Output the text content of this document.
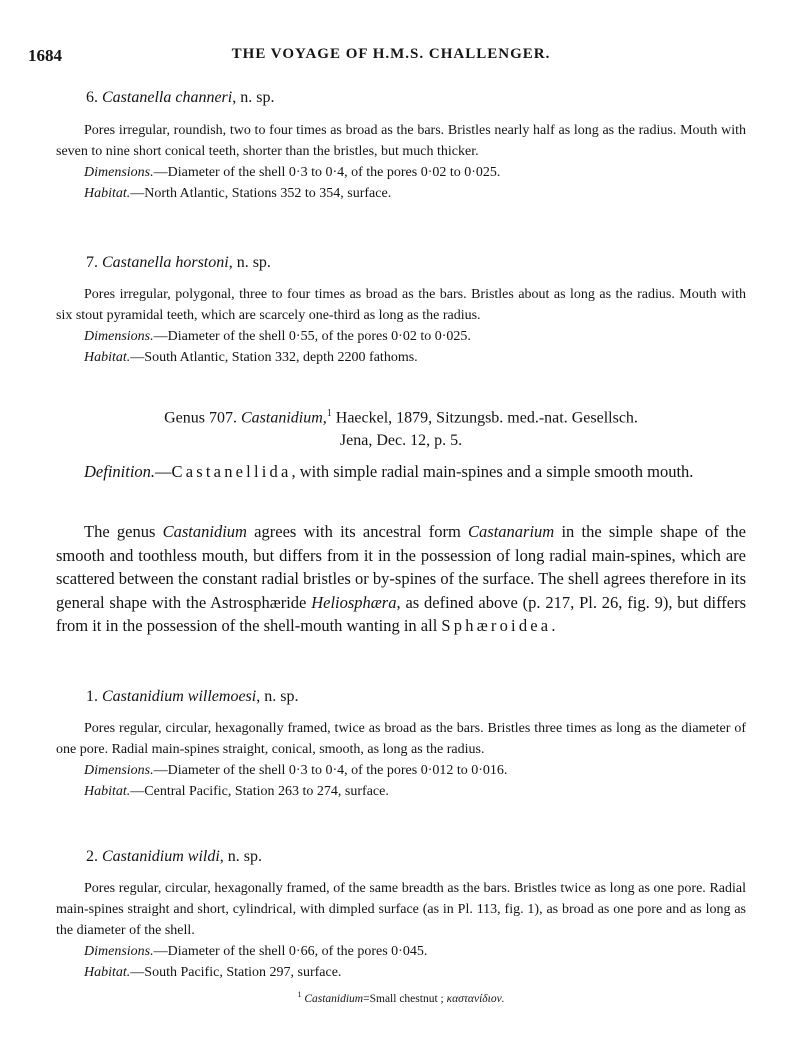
1684	THE VOYAGE OF H.M.S. CHALLENGER.
6. Castanella channeri, n. sp.

Pores irregular, roundish, two to four times as broad as the bars. Bristles nearly half as long as the radius. Mouth with seven to nine short conical teeth, shorter than the bristles, but much thicker.

Dimensions.—Diameter of the shell 0·3 to 0·4, of the pores 0·02 to 0·025.

Habitat.—North Atlantic, Stations 352 to 354, surface.

7. Castanella horstoni, n. sp.

Pores irregular, polygonal, three to four times as broad as the bars. Bristles about as long as the radius. Mouth with six stout pyramidal teeth, which are scarcely one-third as long as the radius.

Dimensions.—Diameter of the shell 0·55, of the pores 0·02 to 0·025.

Habitat.—South Atlantic, Station 332, depth 2200 fathoms.

Genus 707. Castanidium,$^1$ Haeckel, 1879, Sitzungsb. med.-nat. Gesellsch.

Jena, Dec. 12, p. 5.

Definition.—Castanellida, with simple radial main-spines and a simple smooth mouth.

The genus Castanidium agrees with its ancestral form Castanarium in the simple shape of the smooth and toothless mouth, but differs from it in the possession of long radial main-spines, which are scattered between the constant radial bristles or by-spines of the surface. The shell agrees therefore in its general shape with the Astrosphæride Heliosphæra, as defined above (p. 217, Pl. 26, fig. 9), but differs from it in the possession of the shell-mouth wanting in all Sphæroidea.

1. Castanidium willemoesi, n. sp.

Pores regular, circular, hexagonally framed, twice as broad as the bars. Bristles three times as long as the diameter of one pore. Radial main-spines straight, conical, smooth, as long as the radius.

Dimensions.—Diameter of the shell 0·3 to 0·4, of the pores 0·012 to 0·016.

Habitat.—Central Pacific, Station 263 to 274, surface.

2. Castanidium wildi, n. sp.

Pores regular, circular, hexagonally framed, of the same breadth as the bars. Bristles twice as long as one pore. Radial main-spines straight and short, cylindrical, with dimpled surface (as in Pl. 113, fig. 1), as broad as one pore and as long as the diameter of the shell.

Dimensions.—Diameter of the shell 0·66, of the pores 0·045.

Habitat.—South Pacific, Station 297, surface.

$^1$ Castanidium=Small chestnut ; καστανίδιον.
